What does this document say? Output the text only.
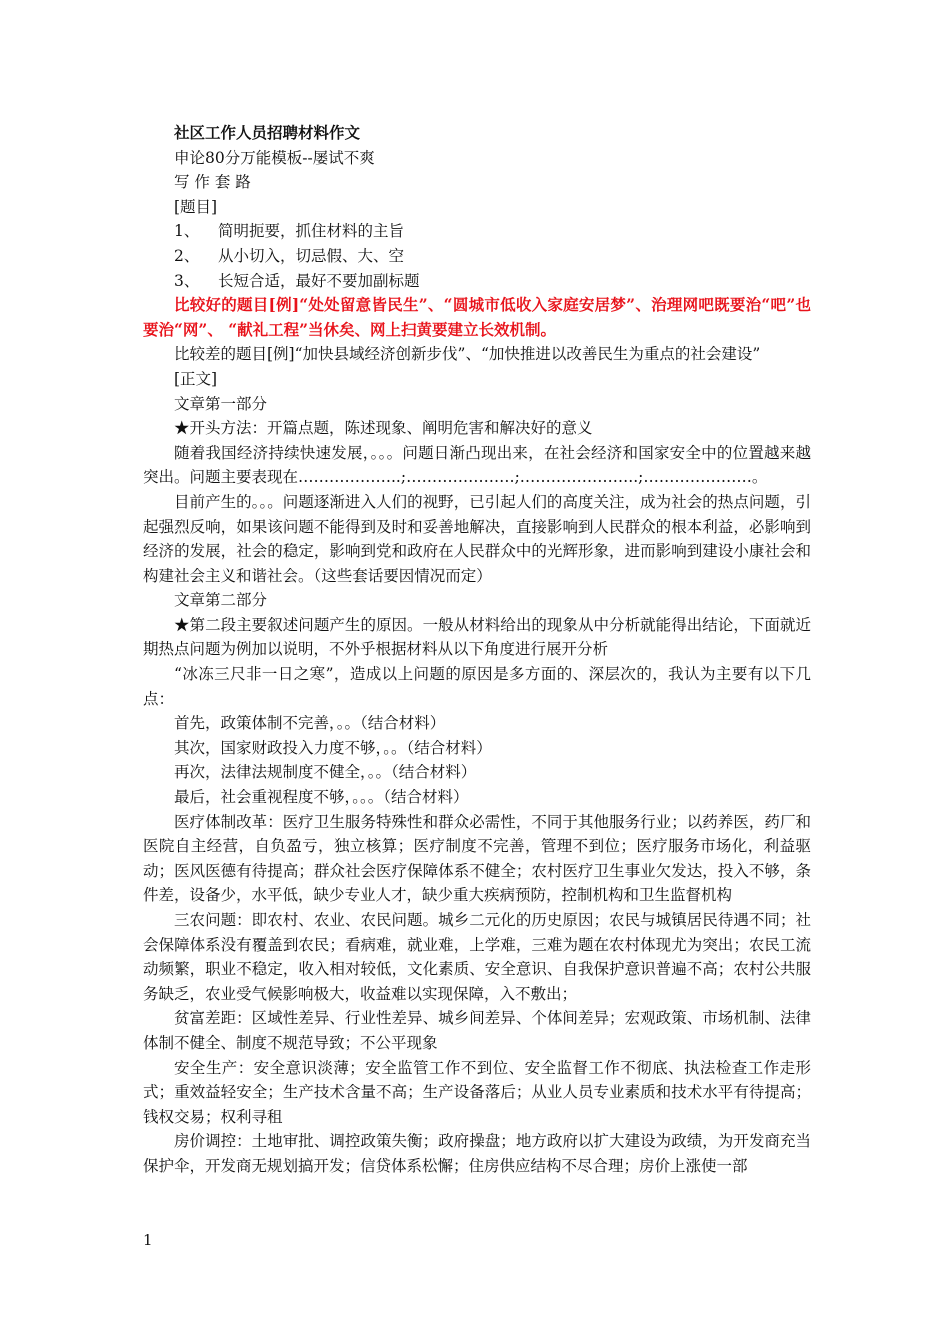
社区工作人员招聘材料作文

申论80分万能模板--屡试不爽

写 作 套 路

[题目]

1、 简明扼要，抓住材料的主旨

2、 从小切入，切忌假、大、空

3、 长短合适，最好不要加副标题

比较好的题目[例]“处处留意皆民生”、“圆城市低收入家庭安居梦”、治理网吧既要治“吧”也要治“网”、 “献礼工程”当休矣、网上扫黄要建立长效机制。

比较差的题目[例]“加快县域经济创新步伐”、“加快推进以改善民生为重点的社会建设”

[正文]

文章第一部分

★开头方法：开篇点题，陈述现象、阐明危害和解决好的意义

随着我国经济持续快速发展，。。。问题日渐凸现出来，在社会经济和国家安全中的位置越来越突出。问题主要表现在………………..;…………………;…………………..;…………………。

目前产生的。。。问题逐渐进入人们的视野，已引起人们的高度关注，成为社会的热点问题，引起强烈反响，如果该问题不能得到及时和妥善地解决，直接影响到人民群众的根本利益，必影响到经济的发展，社会的稳定，影响到党和政府在人民群众中的光辉形象，进而影响到建设小康社会和构建社会主义和谐社会。（这些套话要因情况而定）

文章第二部分

★第二段主要叙述问题产生的原因。一般从材料给出的现象从中分析就能得出结论，下面就近期热点问题为例加以说明，不外乎根据材料从以下角度进行展开分析

“冰冻三尺非一日之寒”，造成以上问题的原因是多方面的、深层次的，我认为主要有以下几点：

首先，政策体制不完善，。。（结合材料）

其次，国家财政投入力度不够，。。（结合材料）

再次，法律法规制度不健全，。。（结合材料）

最后，社会重视程度不够，。。。（结合材料）

医疗体制改革：医疗卫生服务特殊性和群众必需性，不同于其他服务行业；以药养医，药厂和医院自主经营，自负盈亏，独立核算；医疗制度不完善，管理不到位；医疗服务市场化，利益驱动；医风医德有待提高；群众社会医疗保障体系不健全；农村医疗卫生事业欠发达，投入不够，条件差，设备少，水平低，缺少专业人才，缺少重大疾病预防，控制机构和卫生监督机构

三农问题：即农村、农业、农民问题。城乡二元化的历史原因；农民与城镇居民待遇不同；社会保障体系没有覆盖到农民；看病难，就业难，上学难，三难为题在农村体现尤为突出；农民工流动频繁，职业不稳定，收入相对较低，文化素质、安全意识、自我保护意识普遍不高；农村公共服务缺乏，农业受气候影响极大，收益难以实现保障，入不敷出；

贫富差距：区域性差异、行业性差异、城乡间差异、个体间差异；宏观政策、市场机制、法律体制不健全、制度不规范导致；不公平现象

安全生产：安全意识淡薄；安全监管工作不到位、安全监督工作不彻底、执法检查工作走形式；重效益轻安全；生产技术含量不高；生产设备落后；从业人员专业素质和技术水平有待提高；钱权交易；权利寻租

房价调控：土地审批、调控政策失衡；政府操盘；地方政府以扩大建设为政绩，为开发商充当保护伞，开发商无规划搞开发；信贷体系松懈；住房供应结构不尽合理；房价上涨使一部

1
